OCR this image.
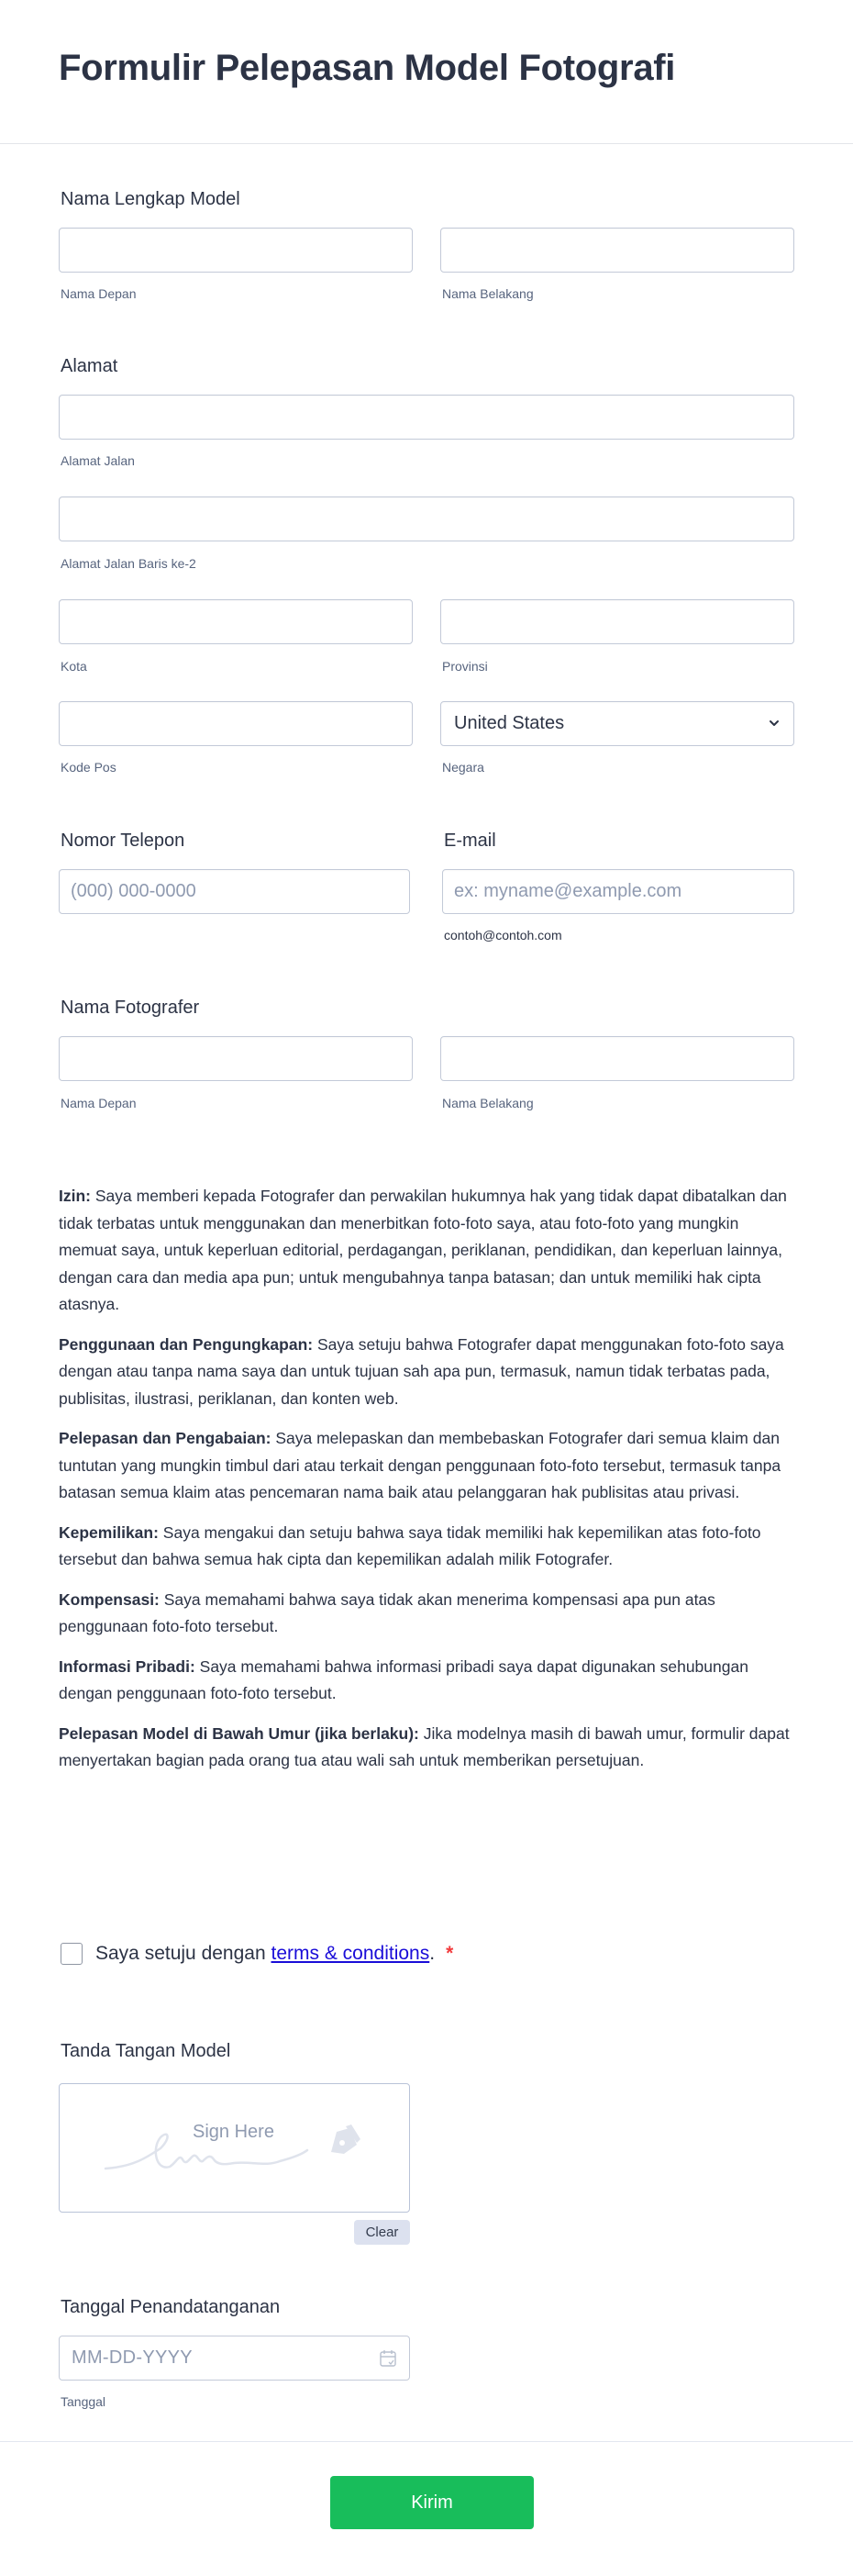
Formulir Pelepasan Model Fotografi
Nama Lengkap Model
Nama Depan	Nama Belakang
Alamat
Alamat Jalan
Alamat Jalan Baris ke-2
Kota	Provinsi
United States
Kode Pos	Negara
Nomor Telepon	E-mail
(000) 000-0000	ex: myname@example.com
contoh@contoh.com
Nama Fotografer
Nama Depan	Nama Belakang

Izin: Saya memberi kepada Fotografer dan perwakilan hukumnya hak yang tidak dapat dibatalkan dan tidak terbatas untuk menggunakan dan menerbitkan foto-foto saya, atau foto-foto yang mungkin memuat saya, untuk keperluan editorial, perdagangan, periklanan, pendidikan, dan keperluan lainnya, dengan cara dan media apa pun; untuk mengubahnya tanpa batasan; dan untuk memiliki hak cipta atasnya.

Penggunaan dan Pengungkapan: Saya setuju bahwa Fotografer dapat menggunakan foto-foto saya dengan atau tanpa nama saya dan untuk tujuan sah apa pun, termasuk, namun tidak terbatas pada, publisitas, ilustrasi, periklanan, dan konten web.

Pelepasan dan Pengabaian: Saya melepaskan dan membebaskan Fotografer dari semua klaim dan tuntutan yang mungkin timbul dari atau terkait dengan penggunaan foto-foto tersebut, termasuk tanpa batasan semua klaim atas pencemaran nama baik atau pelanggaran hak publisitas atau privasi.

Kepemilikan: Saya mengakui dan setuju bahwa saya tidak memiliki hak kepemilikan atas foto-foto tersebut dan bahwa semua hak cipta dan kepemilikan adalah milik Fotografer.

Kompensasi: Saya memahami bahwa saya tidak akan menerima kompensasi apa pun atas penggunaan foto-foto tersebut.

Informasi Pribadi: Saya memahami bahwa informasi pribadi saya dapat digunakan sehubungan dengan penggunaan foto-foto tersebut.

Pelepasan Model di Bawah Umur (jika berlaku): Jika modelnya masih di bawah umur, formulir dapat menyertakan bagian pada orang tua atau wali sah untuk memberikan persetujuan.

Saya setuju dengan terms & conditions. *
Tanda Tangan Model
Sign Here
Clear
Tanggal Penandatanganan
MM-DD-YYYY
Tanggal
Kirim
